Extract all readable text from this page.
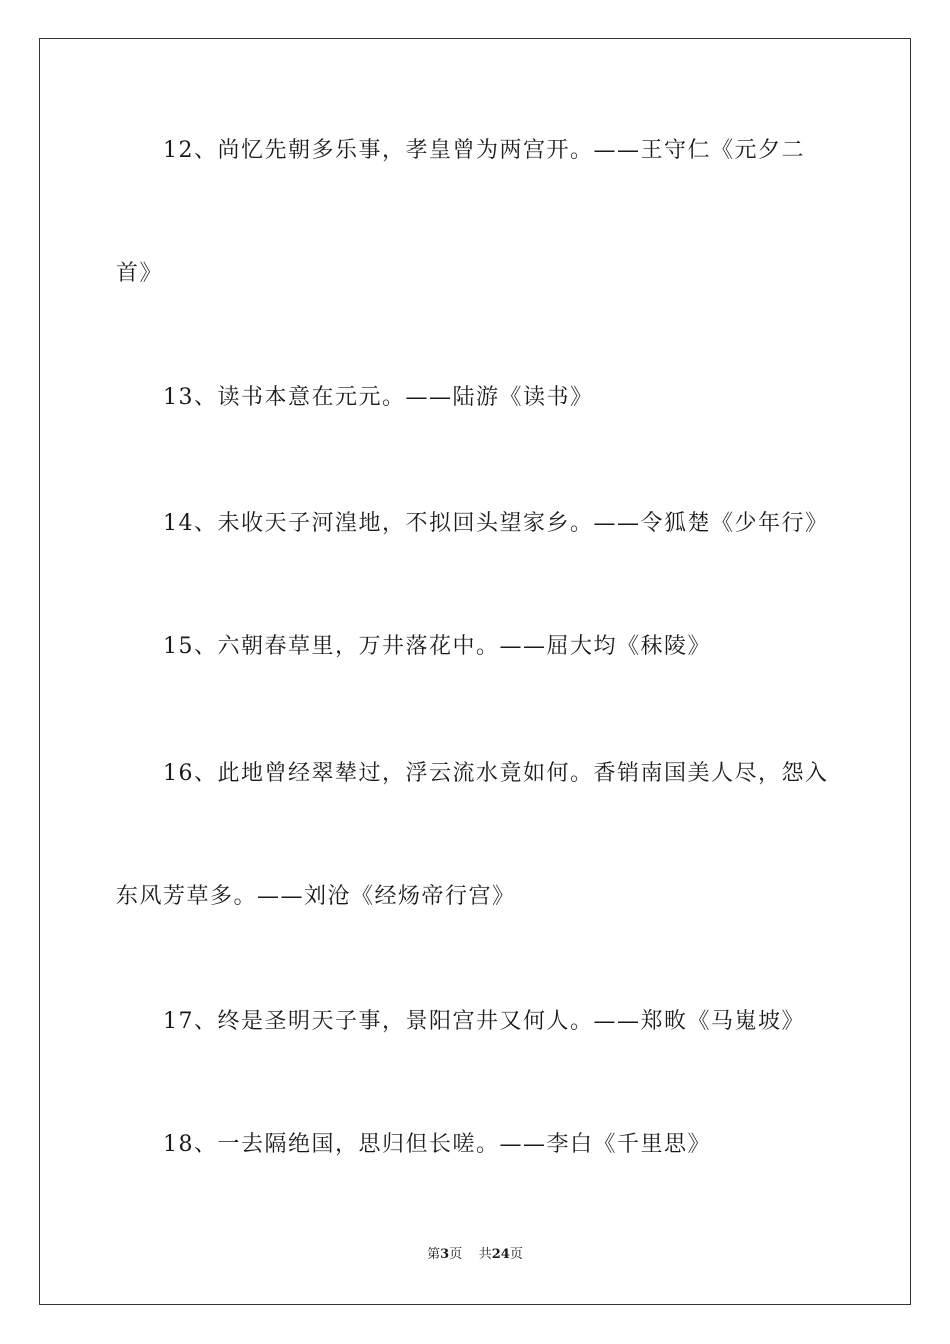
12、尚忆先朝多乐事，孝皇曾为两宫开。——王守仁《元夕二
首》
13、读书本意在元元。——陆游《读书》
14、未收天子河湟地，不拟回头望家乡。——令狐楚《少年行》
15、六朝春草里，万井落花中。——屈大均《秣陵》
16、此地曾经翠辇过，浮云流水竟如何。香销南国美人尽，怨入
东风芳草多。——刘沧《经炀帝行宫》
17、终是圣明天子事，景阳宫井又何人。——郑畋《马嵬坡》
18、一去隔绝国，思归但长嗟。——李白《千里思》
第3页 共24页
